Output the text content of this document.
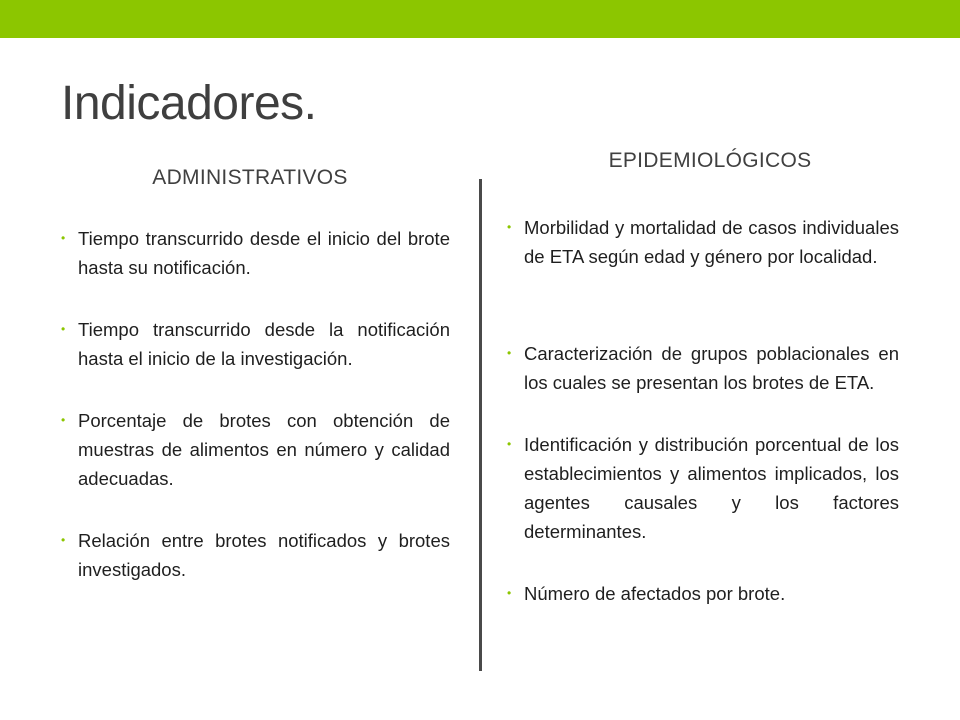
Indicadores.
ADMINISTRATIVOS
EPIDEMIOLÓGICOS
• Tiempo transcurrido desde el inicio del brote hasta su notificación.
• Tiempo transcurrido desde la notificación hasta el inicio de la investigación.
• Porcentaje de brotes con obtención de muestras de alimentos en número y calidad adecuadas.
• Relación entre brotes notificados y brotes investigados.
• Morbilidad y mortalidad de casos individuales de ETA según edad y género por localidad.
• Caracterización de grupos poblacionales en los cuales se presentan los brotes de ETA.
• Identificación y distribución porcentual de los establecimientos y alimentos implicados, los agentes causales y los factores determinantes.
• Número de afectados por brote.
